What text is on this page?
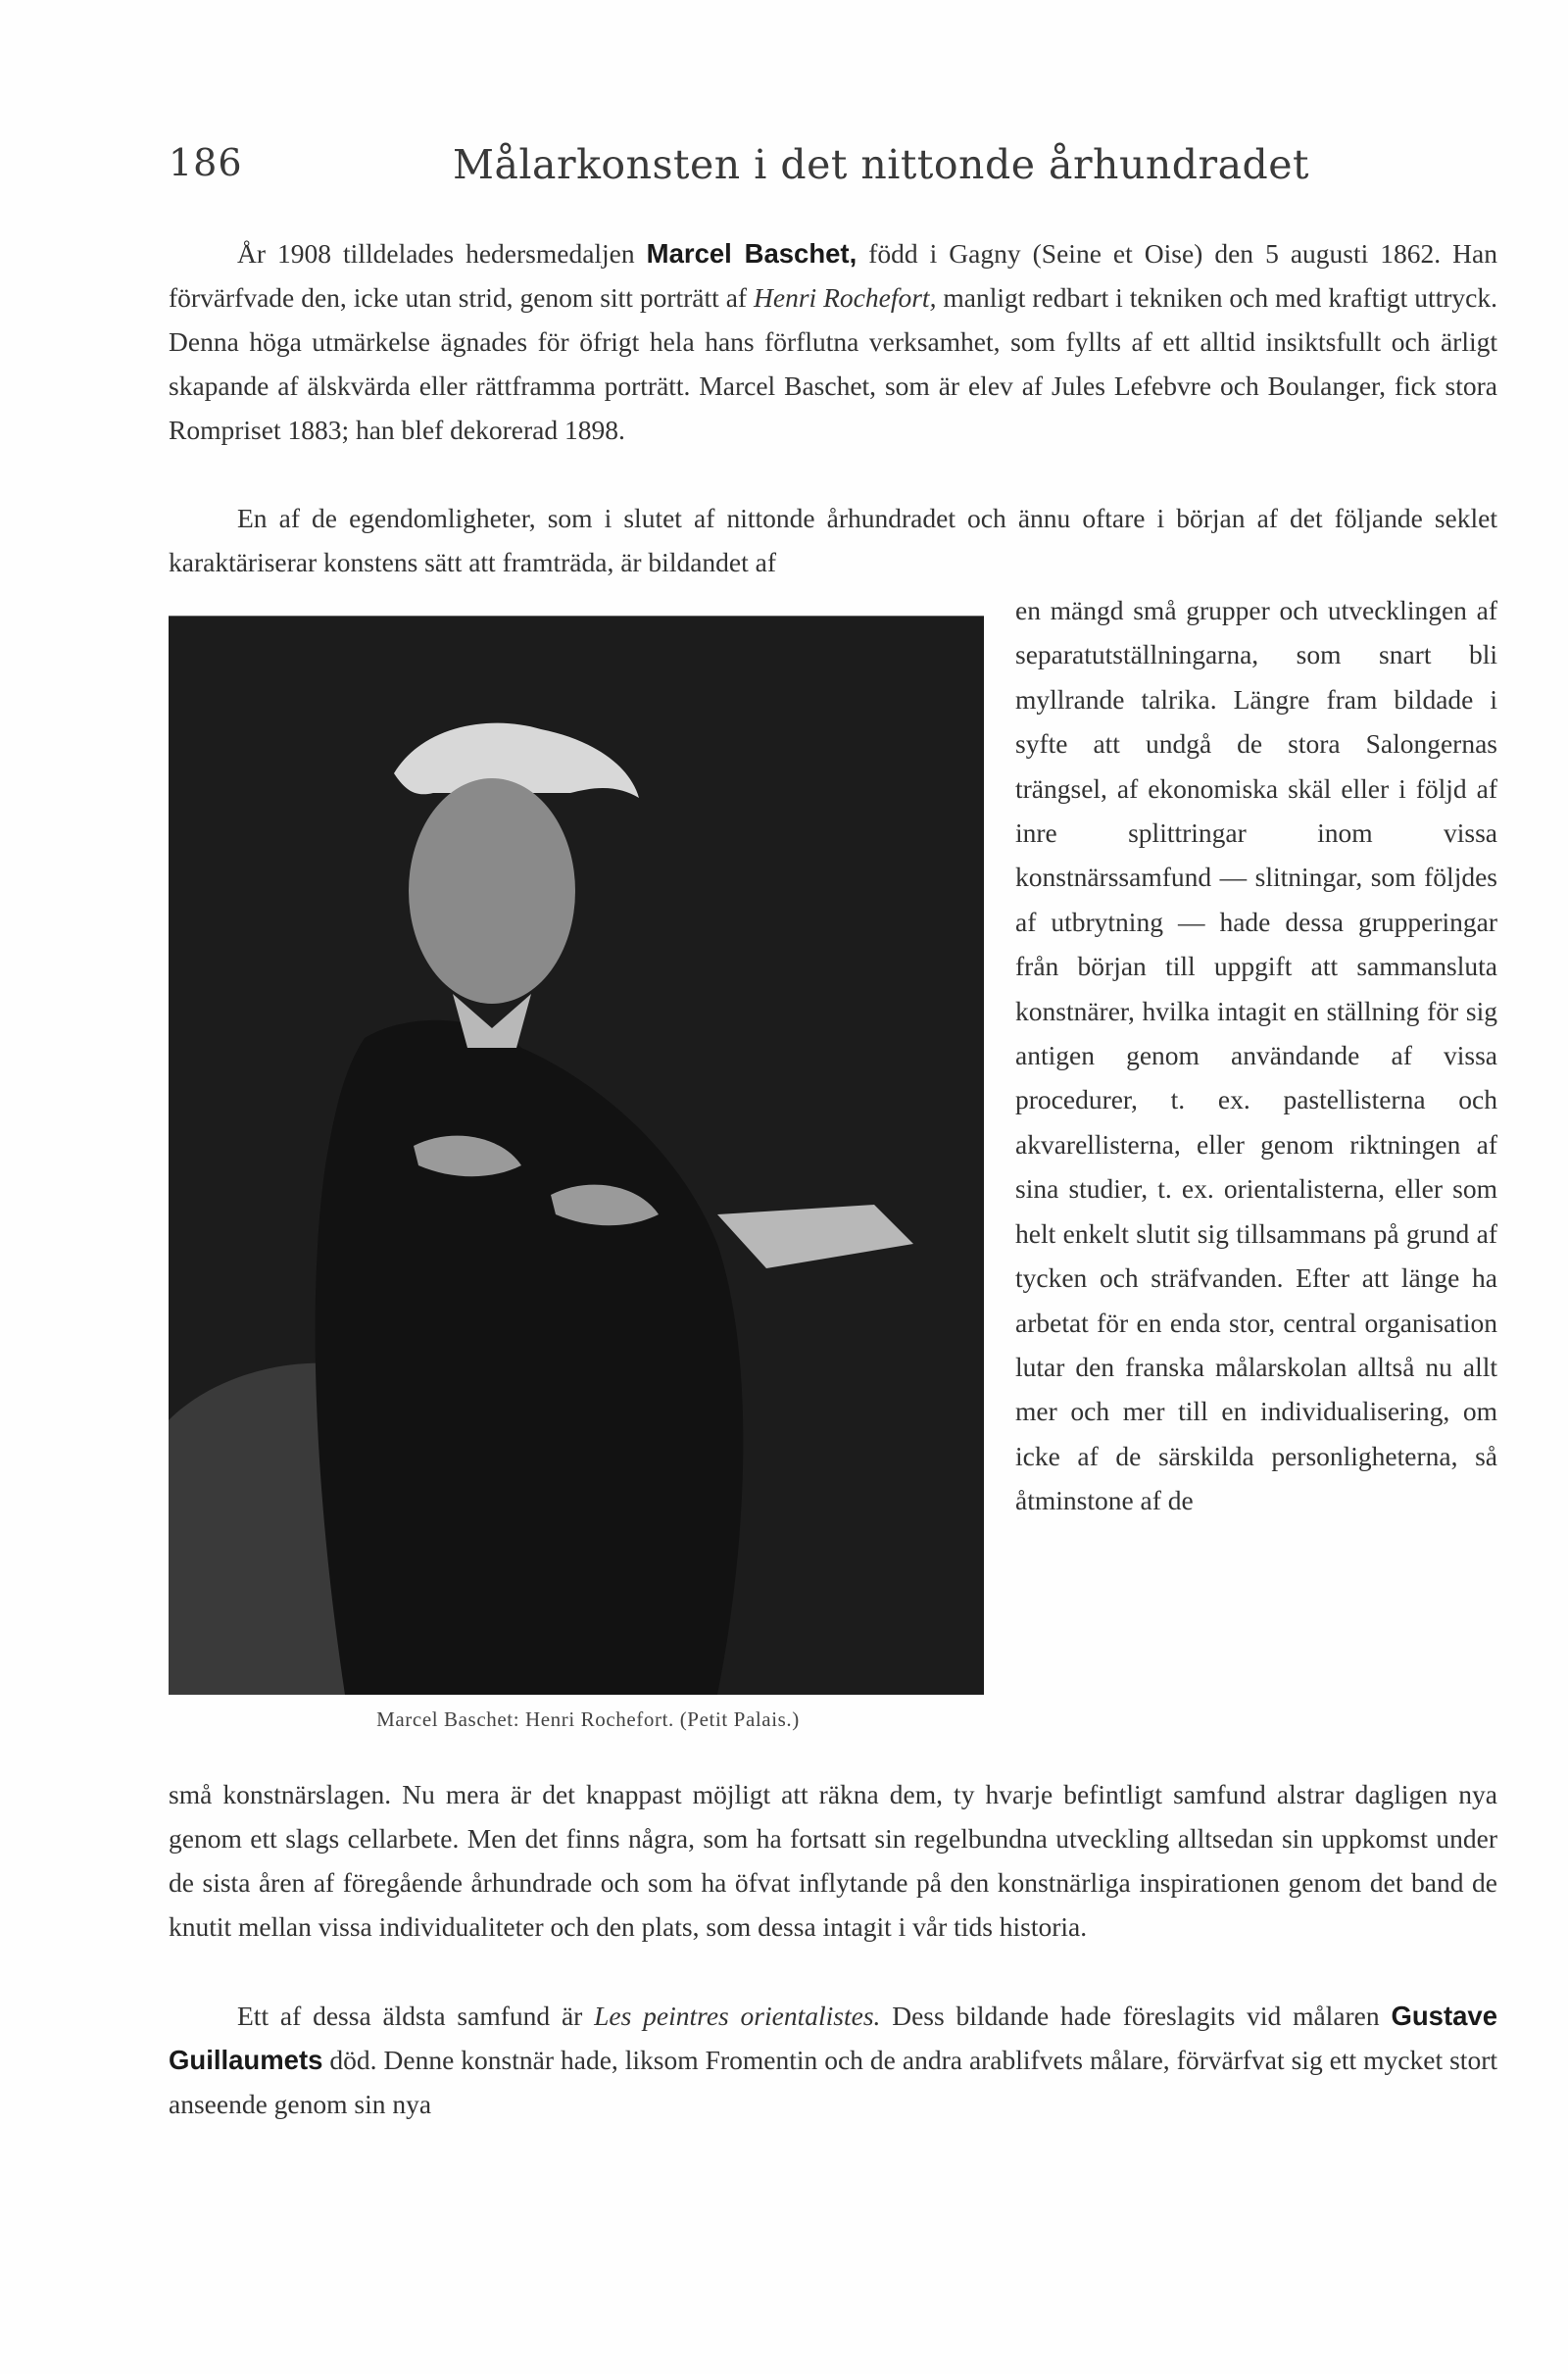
186	Målarkonsten i det nittonde århundradet

År 1908 tilldelades hedersmedaljen Marcel Baschet, född i Gagny (Seine et Oise) den 5 augusti 1862. Han förvärfvade den, icke utan strid, genom sitt porträtt af Henri Rochefort, manligt redbart i tekniken och med kraftigt uttryck. Denna höga utmärkelse ägnades för öfrigt hela hans förflutna verksamhet, som fyllts af ett alltid insiktsfullt och ärligt skapande af älskvärda eller rättframma porträtt. Marcel Baschet, som är elev af Jules Lefebvre och Boulanger, fick stora Rompriset 1883; han blef dekorerad 1898.

En af de egendomligheter, som i slutet af nittonde århundradet och ännu oftare i början af det följande seklet karaktäriserar konstens sätt att framträda, är bildandet af

en mängd små grupper och utvecklingen af separatutställningarna, som snart bli myllrande talrika. Längre fram bildade i syfte att undgå de stora Salongernas trängsel, af ekonomiska skäl eller i följd af inre splittringar inom vissa konstnärssamfund — slitningar, som följdes af utbrytning — hade dessa grupperingar från början till uppgift att sammansluta konstnärer, hvilka intagit en ställning för sig antigen genom användande af vissa procedurer, t. ex. pastellisterna och akvarellisterna, eller genom riktningen af sina studier, t. ex. orientalisterna, eller som helt enkelt slutit sig tillsammans på grund af tycken och sträfvanden. Efter att länge ha arbetat för en enda stor, central organisation lutar den franska målarskolan alltså nu allt mer och mer till en individualisering, om icke af de särskilda personligheterna, så åtminstone af de

Marcel Baschet: Henri Rochefort. (Petit Palais.)

små konstnärslagen. Nu mera är det knappast möjligt att räkna dem, ty hvarje befintligt samfund alstrar dagligen nya genom ett slags cellarbete. Men det finns några, som ha fortsatt sin regelbundna utveckling alltsedan sin uppkomst under de sista åren af föregående århundrade och som ha öfvat inflytande på den konstnärliga inspirationen genom det band de knutit mellan vissa individualiteter och den plats, som dessa intagit i vår tids historia.

Ett af dessa äldsta samfund är Les peintres orientalistes. Dess bildande hade föreslagits vid målaren Gustave Guillaumets död. Denne konstnär hade, liksom Fromentin och de andra arablifvets målare, förvärfvat sig ett mycket stort anseende genom sin nya
